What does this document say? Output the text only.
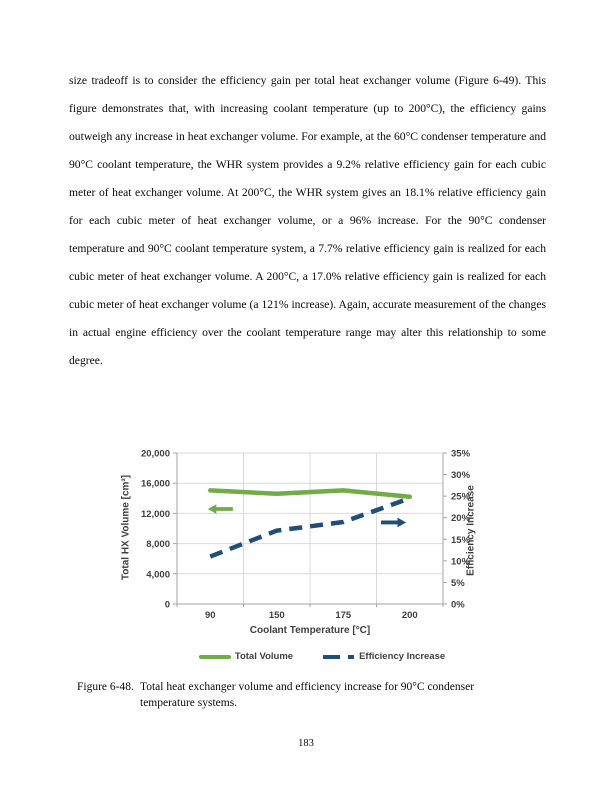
size tradeoff is to consider the efficiency gain per total heat exchanger volume (Figure 6-49). This figure demonstrates that, with increasing coolant temperature (up to 200°C), the efficiency gains outweigh any increase in heat exchanger volume. For example, at the 60°C condenser temperature and 90°C coolant temperature, the WHR system provides a 9.2% relative efficiency gain for each cubic meter of heat exchanger volume. At 200°C, the WHR system gives an 18.1% relative efficiency gain for each cubic meter of heat exchanger volume, or a 96% increase. For the 90°C condenser temperature and 90°C coolant temperature system, a 7.7% relative efficiency gain is realized for each cubic meter of heat exchanger volume. A 200°C, a 17.0% relative efficiency gain is realized for each cubic meter of heat exchanger volume (a 121% increase). Again, accurate measurement of the changes in actual engine efficiency over the coolant temperature range may alter this relationship to some degree.

20,000
16,000
12,000
8,000
4,000
0
35%
30%
25%
20%
15%
10%
5%
0%
90	150	175	200
Total HX Volume [cm³]	Efficiency Increase
Coolant Temperature [°C]
Total Volume	Efficiency Increase
Figure 6-48. Total heat exchanger volume and efficiency increase for 90°C condenser temperature systems.
183
